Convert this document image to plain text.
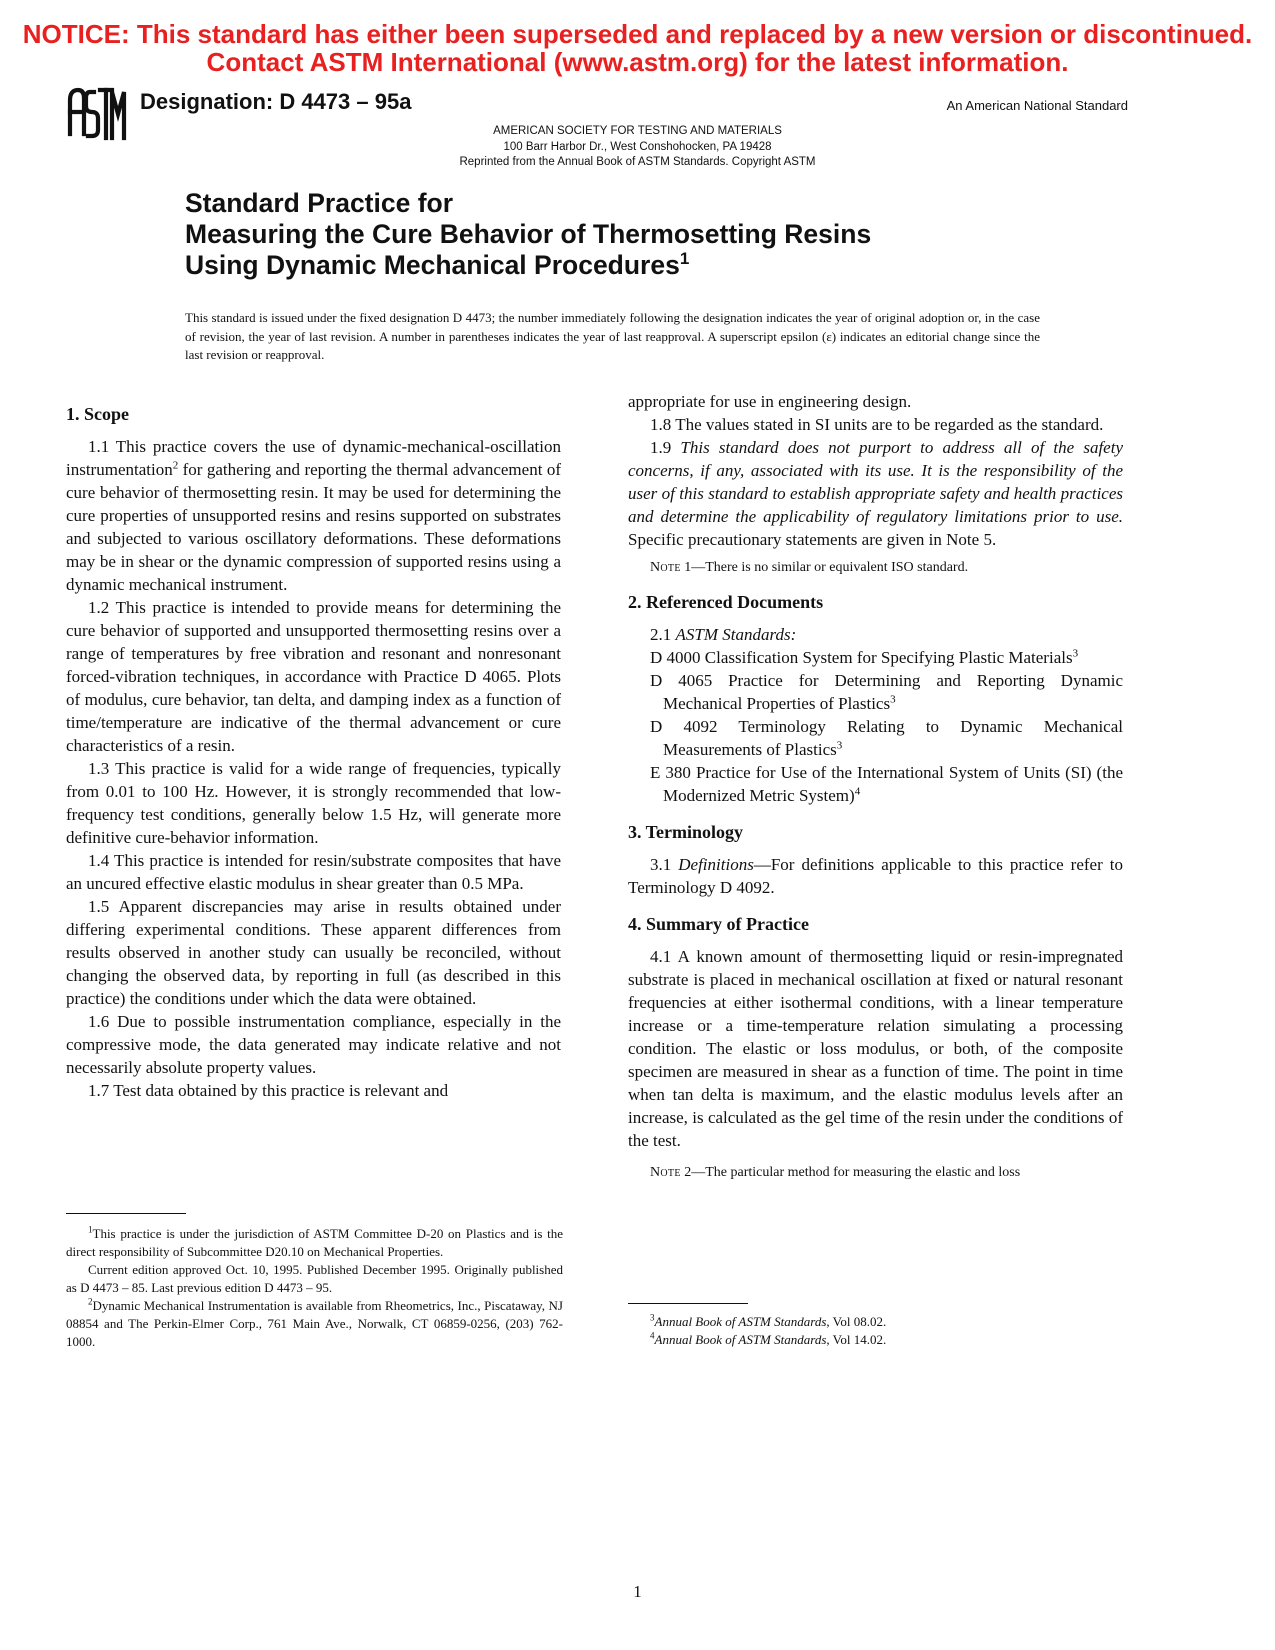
NOTICE: This standard has either been superseded and replaced by a new version or discontinued.
Contact ASTM International (www.astm.org) for the latest information.
Designation: D 4473 – 95a	An American National Standard
AMERICAN SOCIETY FOR TESTING AND MATERIALS
100 Barr Harbor Dr., West Conshohocken, PA 19428
Reprinted from the Annual Book of ASTM Standards. Copyright ASTM
Standard Practice for
Measuring the Cure Behavior of Thermosetting Resins
Using Dynamic Mechanical Procedures$^1$
This standard is issued under the fixed designation D 4473; the number immediately following the designation indicates the year of original adoption or, in the case of revision, the year of last revision. A number in parentheses indicates the year of last reapproval. A superscript epsilon (ε) indicates an editorial change since the last revision or reapproval.
1. Scope

1.1 This practice covers the use of dynamic-mechanical-oscillation instrumentation$^2$ for gathering and reporting the thermal advancement of cure behavior of thermosetting resin. It may be used for determining the cure properties of unsupported resins and resins supported on substrates and subjected to various oscillatory deformations. These deformations may be in shear or the dynamic compression of supported resins using a dynamic mechanical instrument.

1.2 This practice is intended to provide means for determining the cure behavior of supported and unsupported thermosetting resins over a range of temperatures by free vibration and resonant and nonresonant forced-vibration techniques, in accordance with Practice D 4065. Plots of modulus, cure behavior, tan delta, and damping index as a function of time/temperature are indicative of the thermal advancement or cure characteristics of a resin.

1.3 This practice is valid for a wide range of frequencies, typically from 0.01 to 100 Hz. However, it is strongly recommended that low-frequency test conditions, generally below 1.5 Hz, will generate more definitive cure-behavior information.

1.4 This practice is intended for resin/substrate composites that have an uncured effective elastic modulus in shear greater than 0.5 MPa.

1.5 Apparent discrepancies may arise in results obtained under differing experimental conditions. These apparent differences from results observed in another study can usually be reconciled, without changing the observed data, by reporting in full (as described in this practice) the conditions under which the data were obtained.

1.6 Due to possible instrumentation compliance, especially in the compressive mode, the data generated may indicate relative and not necessarily absolute property values.

1.7 Test data obtained by this practice is relevant and

$^1$This practice is under the jurisdiction of ASTM Committee D-20 on Plastics and is the direct responsibility of Subcommittee D20.10 on Mechanical Properties.

Current edition approved Oct. 10, 1995. Published December 1995. Originally published as D 4473 – 85. Last previous edition D 4473 – 95.

$^2$Dynamic Mechanical Instrumentation is available from Rheometrics, Inc., Piscataway, NJ 08854 and The Perkin-Elmer Corp., 761 Main Ave., Norwalk, CT 06859-0256, (203) 762-1000.

appropriate for use in engineering design.

1.8 The values stated in SI units are to be regarded as the standard.

1.9 This standard does not purport to address all of the safety concerns, if any, associated with its use. It is the responsibility of the user of this standard to establish appropriate safety and health practices and determine the applicability of regulatory limitations prior to use. Specific precautionary statements are given in Note 5.

Note 1—There is no similar or equivalent ISO standard.

2. Referenced Documents

2.1 ASTM Standards:

D 4000 Classification System for Specifying Plastic Materials$^3$

D 4065 Practice for Determining and Reporting Dynamic Mechanical Properties of Plastics$^3$

D 4092 Terminology Relating to Dynamic Mechanical Measurements of Plastics$^3$

E 380 Practice for Use of the International System of Units (SI) (the Modernized Metric System)$^4$

3. Terminology

3.1 Definitions—For definitions applicable to this practice refer to Terminology D 4092.

4. Summary of Practice

4.1 A known amount of thermosetting liquid or resin-impregnated substrate is placed in mechanical oscillation at fixed or natural resonant frequencies at either isothermal conditions, with a linear temperature increase or a time-temperature relation simulating a processing condition. The elastic or loss modulus, or both, of the composite specimen are measured in shear as a function of time. The point in time when tan delta is maximum, and the elastic modulus levels after an increase, is calculated as the gel time of the resin under the conditions of the test.

Note 2—The particular method for measuring the elastic and loss

$^3$Annual Book of ASTM Standards, Vol 08.02.

$^4$Annual Book of ASTM Standards, Vol 14.02.

1
